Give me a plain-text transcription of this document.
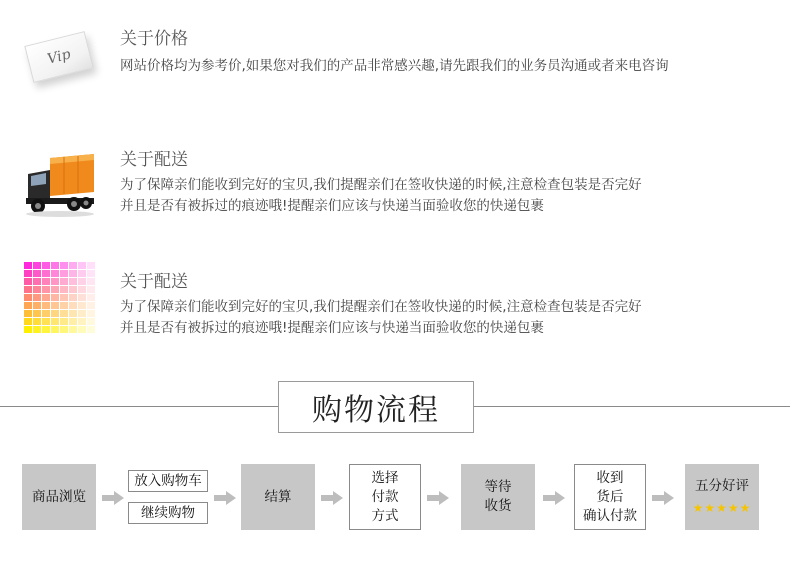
Vip
关于价格
网站价格均为参考价,如果您对我们的产品非常感兴趣,请先跟我们的业务员沟通或者来电咨询
关于配送
为了保障亲们能收到完好的宝贝,我们提醒亲们在签收快递的时候,注意检查包装是否完好
并且是否有被拆过的痕迹哦!提醒亲们应该与快递当面验收您的快递包裹
关于配送
为了保障亲们能收到完好的宝贝,我们提醒亲们在签收快递的时候,注意检查包装是否完好
并且是否有被拆过的痕迹哦!提醒亲们应该与快递当面验收您的快递包裹
购物流程
商品浏览
放入购物车
继续购物
结算
选择
付款
方式
等待
收货
收到
货后
确认付款
五分好评
★★★★★
